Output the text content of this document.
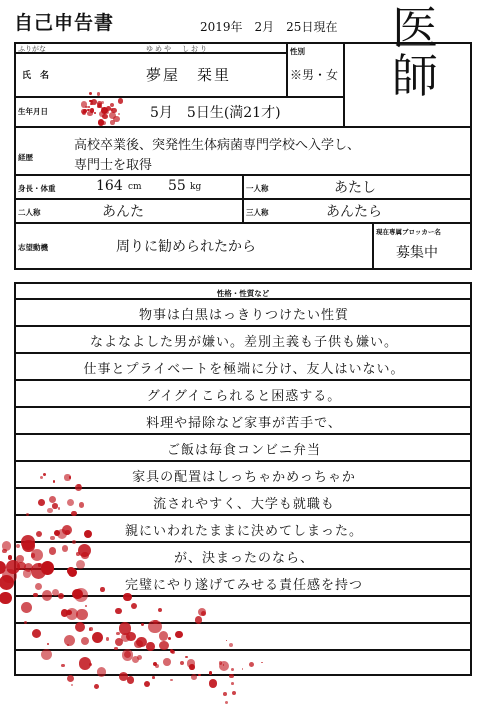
自己申告書	2019年　2月　25日現在 医師
ふりがな	ゆめや　しおり
氏　名	夢屋　栞里
性別
※男・女
生年月日	5月　5日生(満21才)
経歴
高校卒業後、突発性生体病菌専門学校へ入学し、
専門士を取得
身長・体重	164 cm 55 kg	一人称	あたし
二人称	あんた	三人称	あんたら
志望動機	周りに勧められたから
現在専属ブロッカー名
募集中
性格・性質など
物事は白黒はっきりつけたい性質
なよなよした男が嫌い。差別主義も子供も嫌い。
仕事とプライベートを極端に分け、友人はいない。
グイグイこられると困惑する。
料理や掃除など家事が苦手で、
ご飯は毎食コンビニ弁当
家具の配置はしっちゃかめっちゃか
流されやすく、大学も就職も
親にいわれたままに決めてしまった。
が、決まったのなら、
完璧にやり遂げてみせる責任感を持つ
